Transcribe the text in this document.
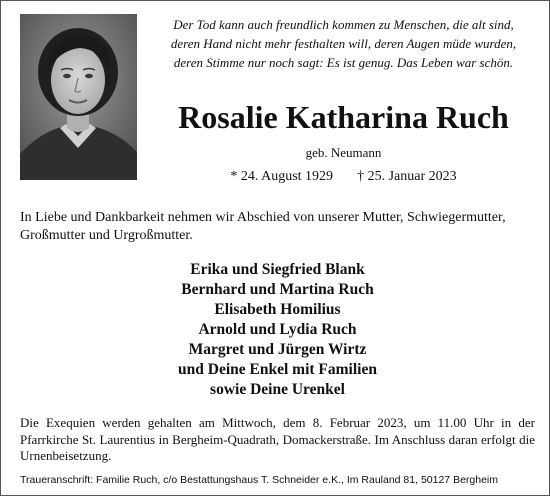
Der Tod kann auch freundlich kommen zu Menschen, die alt sind,
deren Hand nicht mehr festhalten will, deren Augen müde wurden,
deren Stimme nur noch sagt: Es ist genug. Das Leben war schön.
Rosalie Katharina Ruch
geb. Neumann
* 24. August 1929 † 25. Januar 2023
In Liebe und Dankbarkeit nehmen wir Abschied von unserer Mutter, Schwiegermutter, Großmutter und Urgroßmutter.
Erika und Siegfried Blank
Bernhard und Martina Ruch
Elisabeth Homilius
Arnold und Lydia Ruch
Margret und Jürgen Wirtz
und Deine Enkel mit Familien
sowie Deine Urenkel
Die Exequien werden gehalten am Mittwoch, dem 8. Februar 2023, um 11.00 Uhr in der Pfarrkirche St. Laurentius in Bergheim-Quadrath, Domackerstraße. Im Anschluss daran erfolgt die Urnenbeisetzung.
Traueranschrift: Familie Ruch, c/o Bestattungshaus T. Schneider e.K., Im Rauland 81, 50127 Bergheim
